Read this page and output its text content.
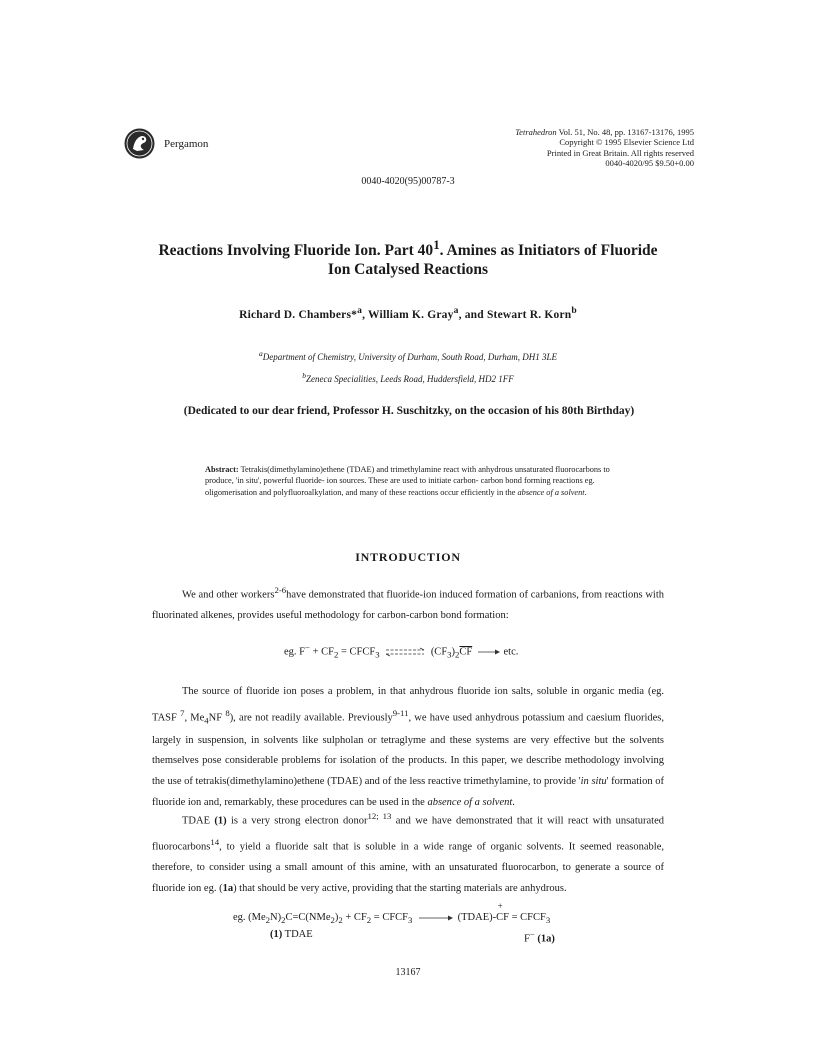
Pergamon
Tetrahedron Vol. 51, No. 48, pp. 13167-13176, 1995
Copyright © 1995 Elsevier Science Ltd
Printed in Great Britain. All rights reserved
0040-4020/95 $9.50+0.00
0040-4020(95)00787-3
Reactions Involving Fluoride Ion. Part $40^1$. Amines as Initiators of Fluoride
Ion Catalysed Reactions
Richard D. Chambers*$^a$, William K. Gray$^a$, and Stewart R. Korn$^b$
$^a$Department of Chemistry, University of Durham, South Road, Durham, DH1 3LE
$^b$Zeneca Specialities, Leeds Road, Huddersfield, HD2 1FF
(Dedicated to our dear friend, Professor H. Suschitzky, on the occasion of his 80th Birthday)
Abstract: Tetrakis(dimethylamino)ethene (TDAE) and trimethylamine react with anhydrous unsaturated fluorocarbons to produce, 'in situ', powerful fluoride- ion sources. These are used to initiate carbon- carbon bond forming reactions eg. oligomerisation and polyfluoroalkylation, and many of these reactions occur efficiently in the absence of a solvent.
INTRODUCTION
We and other workers$^{2-6}$have demonstrated that fluoride-ion induced formation of carbanions, from reactions with fluorinated alkenes, provides useful methodology for carbon-carbon bond formation:
eg. $F^- + CF_2$ = $CFCF_3$	$(CF_3)_2\overline{CF}$ → etc.
The source of fluoride ion poses a problem, in that anhydrous fluoride ion salts, soluble in organic media (eg. TASF $^7$, $Me_4NF$ $^8$), are not readily available. Previously$^{9-11}$, we have used anhydrous potassium and caesium fluorides, largely in suspension, in solvents like sulpholan or tetraglyme and these systems are very effective but the solvents themselves pose considerable problems for isolation of the products. In this paper, we describe methodology involving the use of tetrakis(dimethylamino)ethene (TDAE) and of the less reactive trimethylamine, to provide 'in situ' formation of fluoride ion and, remarkably, these procedures can be used in the absence of a solvent.
TDAE (1) is a very strong electron donor$^{12; 13}$ and we have demonstrated that it will react with unsaturated fluorocarbons$^{14}$, to yield a fluoride salt that is soluble in a wide range of organic solvents. It seemed reasonable, therefore, to consider using a small amount of this amine, with an unsaturated fluorocarbon, to generate a source of fluoride ion eg. (1a) that should be very active, providing that the starting materials are anhydrous.
eg. $(Me_2N)_2C=C(NMe_2)_2 + CF_2$ = $CFCF_3$ →
+
(TDAE)-CF = $CFCF_3$
(1) TDAE	F− (1a)
13167
